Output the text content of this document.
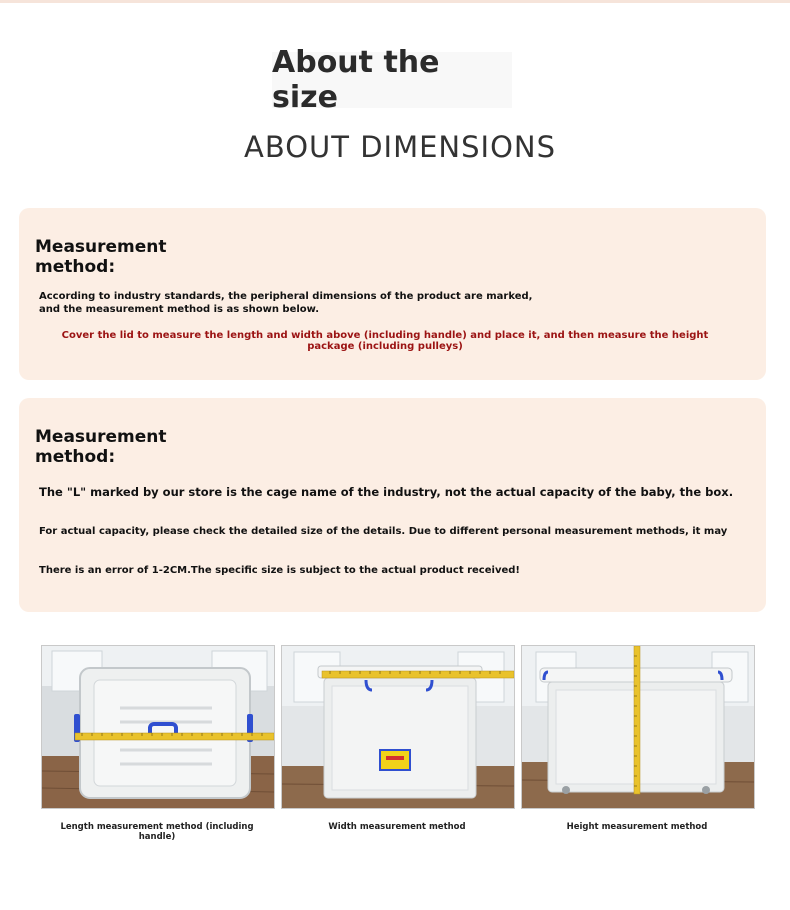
About the size
ABOUT DIMENSIONS
Measurement method:
According to industry standards, the peripheral dimensions of the product are marked, and the measurement method is as shown below.
Cover the lid to measure the length and width above (including handle) and place it, and then measure the height package (including pulleys)
Measurement method:
The "L" marked by our store is the cage name of the industry, not the actual capacity of the baby, the box.
For actual capacity, please check the detailed size of the details. Due to different personal measurement methods, it may
There is an error of 1-2CM.The specific size is subject to the actual product received!
Length measurement method (including handle)
Width measurement method	Height measurement method
